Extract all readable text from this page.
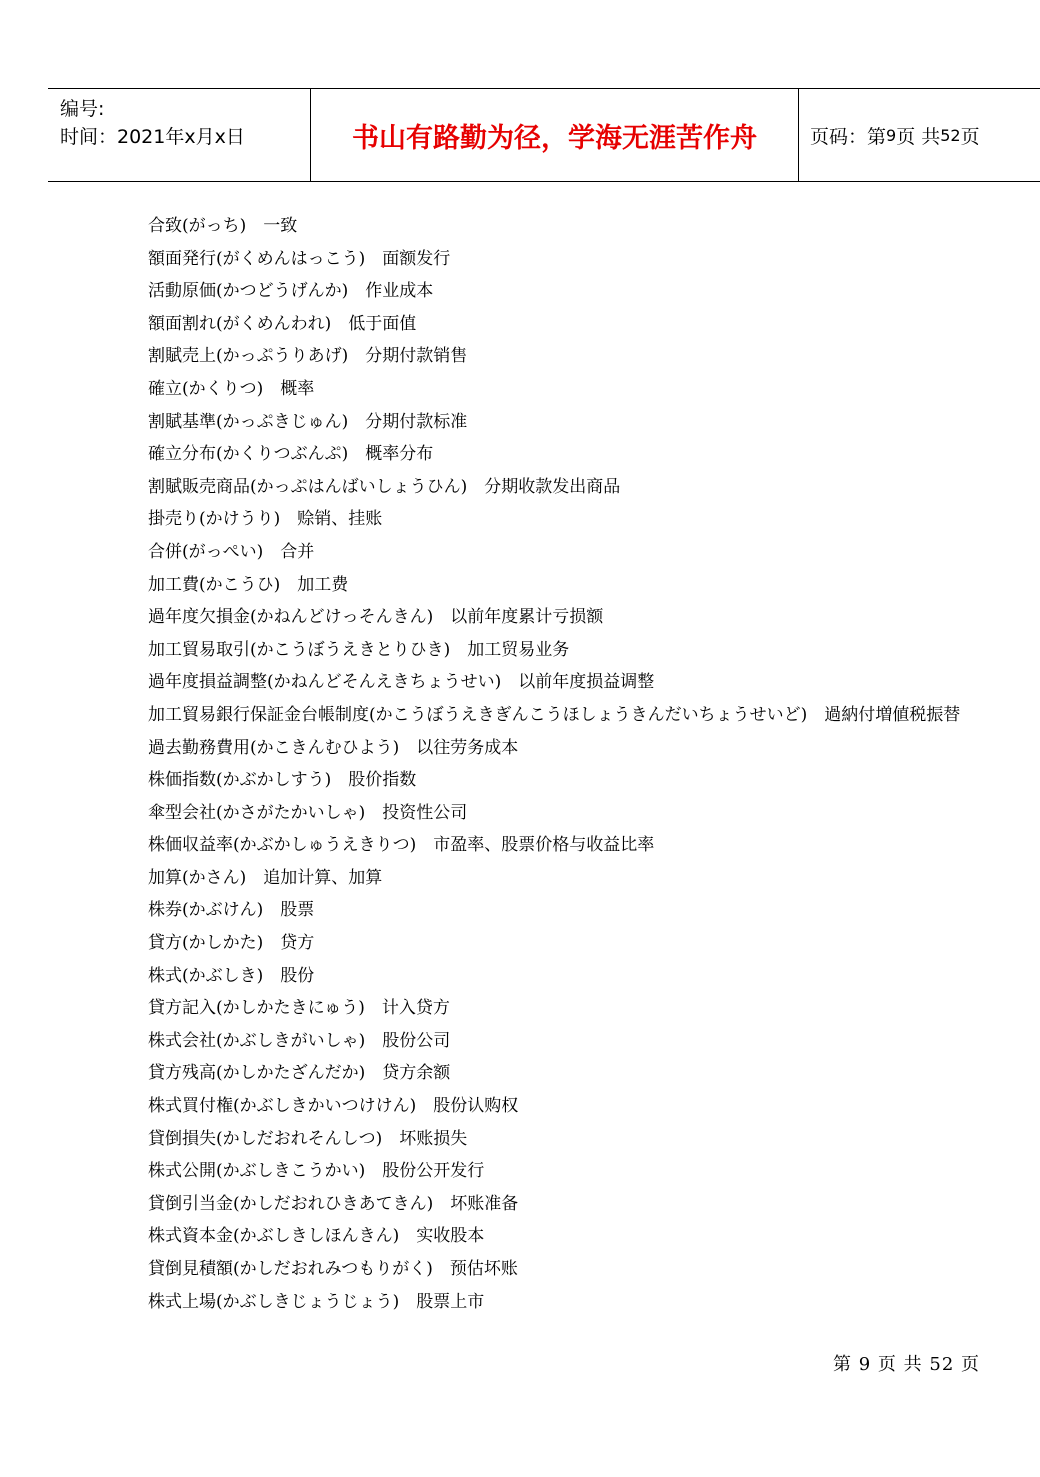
编号:
时间：2021年x月x日	书山有路勤为径，学海无涯苦作舟	页码：第 9 页 共 52 页
合致(がっち)　一致
額面発行(がくめんはっこう)　面额发行
活動原価(かつどうげんか)　作业成本
額面割れ(がくめんわれ)　低于面值
割賦売上(かっぷうりあげ)　分期付款销售
確立(かくりつ)　概率
割賦基準(かっぷきじゅん)　分期付款标准
確立分布(かくりつぶんぷ)　概率分布
割賦販売商品(かっぷはんばいしょうひん)　分期收款发出商品
掛売り(かけうり)　赊销、挂账
合併(がっぺい)　合并
加工費(かこうひ)　加工费
過年度欠損金(かねんどけっそんきん)　以前年度累计亏损额
加工貿易取引(かこうぼうえきとりひき)　加工贸易业务
過年度損益調整(かねんどそんえきちょうせい)　以前年度损益调整
加工貿易銀行保証金台帳制度(かこうぼうえきぎんこうほしょうきんだいちょうせいど)　過納付増値税振替
過去勤務費用(かこきんむひよう)　以往劳务成本
株価指数(かぶかしすう)　股价指数
傘型会社(かさがたかいしゃ)　投资性公司
株価収益率(かぶかしゅうえきりつ)　市盈率、股票价格与收益比率
加算(かさん)　追加计算、加算
株券(かぶけん)　股票
貸方(かしかた)　贷方
株式(かぶしき)　股份
貸方記入(かしかたきにゅう)　计入贷方
株式会社(かぶしきがいしゃ)　股份公司
貸方残高(かしかたざんだか)　贷方余额
株式買付権(かぶしきかいつけけん)　股份认购权
貸倒損失(かしだおれそんしつ)　坏账损失
株式公開(かぶしきこうかい)　股份公开发行
貸倒引当金(かしだおれひきあてきん)　坏账准备
株式資本金(かぶしきしほんきん)　实收股本
貸倒見積額(かしだおれみつもりがく)　预估坏账
株式上場(かぶしきじょうじょう)　股票上市
第 9 页 共 52 页
